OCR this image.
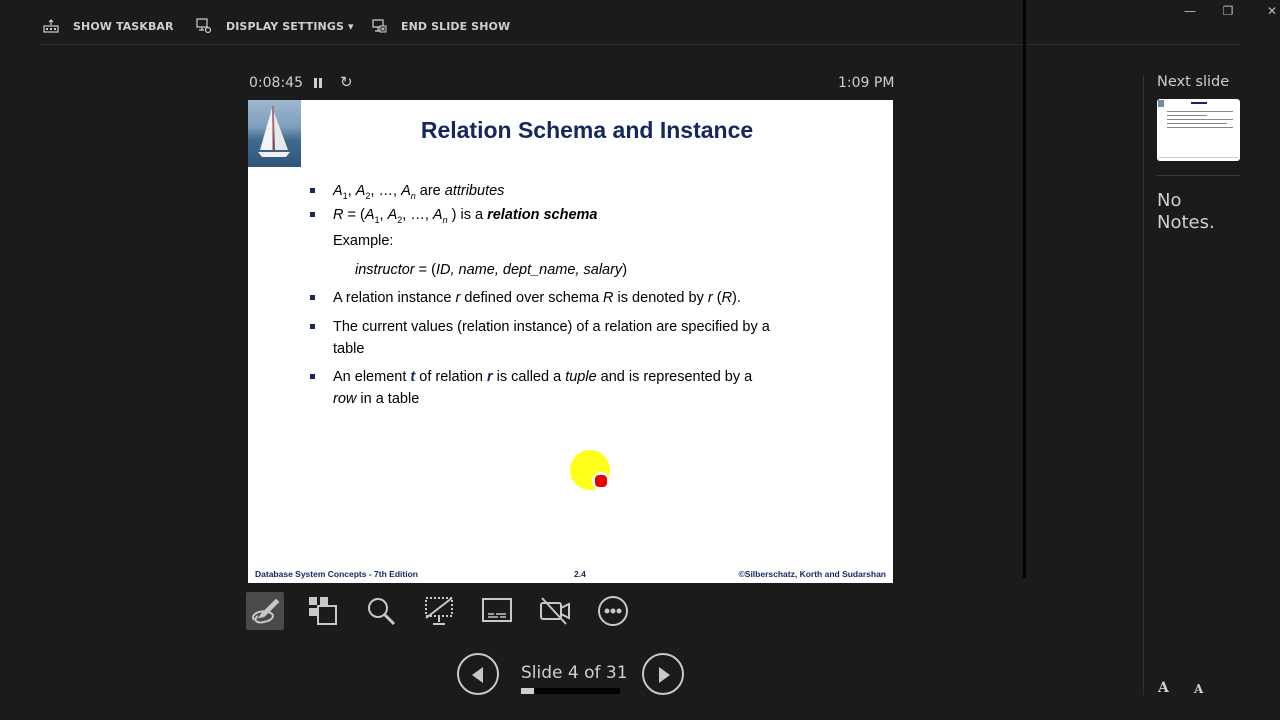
SHOW TASKBAR	DISPLAY SETTINGS ▾	END SLIDE SHOW
—	❐	✕
0:08:45 ↻	1:09 PM
Relation Schema and Instance
$A_1$, $A_2$, …, $A_n$ are attributes
$R = (A_1$, $A_2$, …, $A_n$ ) is a relation schema
Example:
instructor = (ID, name, dept_name, salary)
A relation instance r defined over schema R is denoted by r (R).
The current values (relation instance) of a relation are specified by a table
An element t of relation r is called a tuple and is represented by a row in a table
Database System Concepts - 7th Edition	2.4	©Silberschatz, Korth and Sudarshan
Slide 4 of 31
Next slide
No Notes.
A A
